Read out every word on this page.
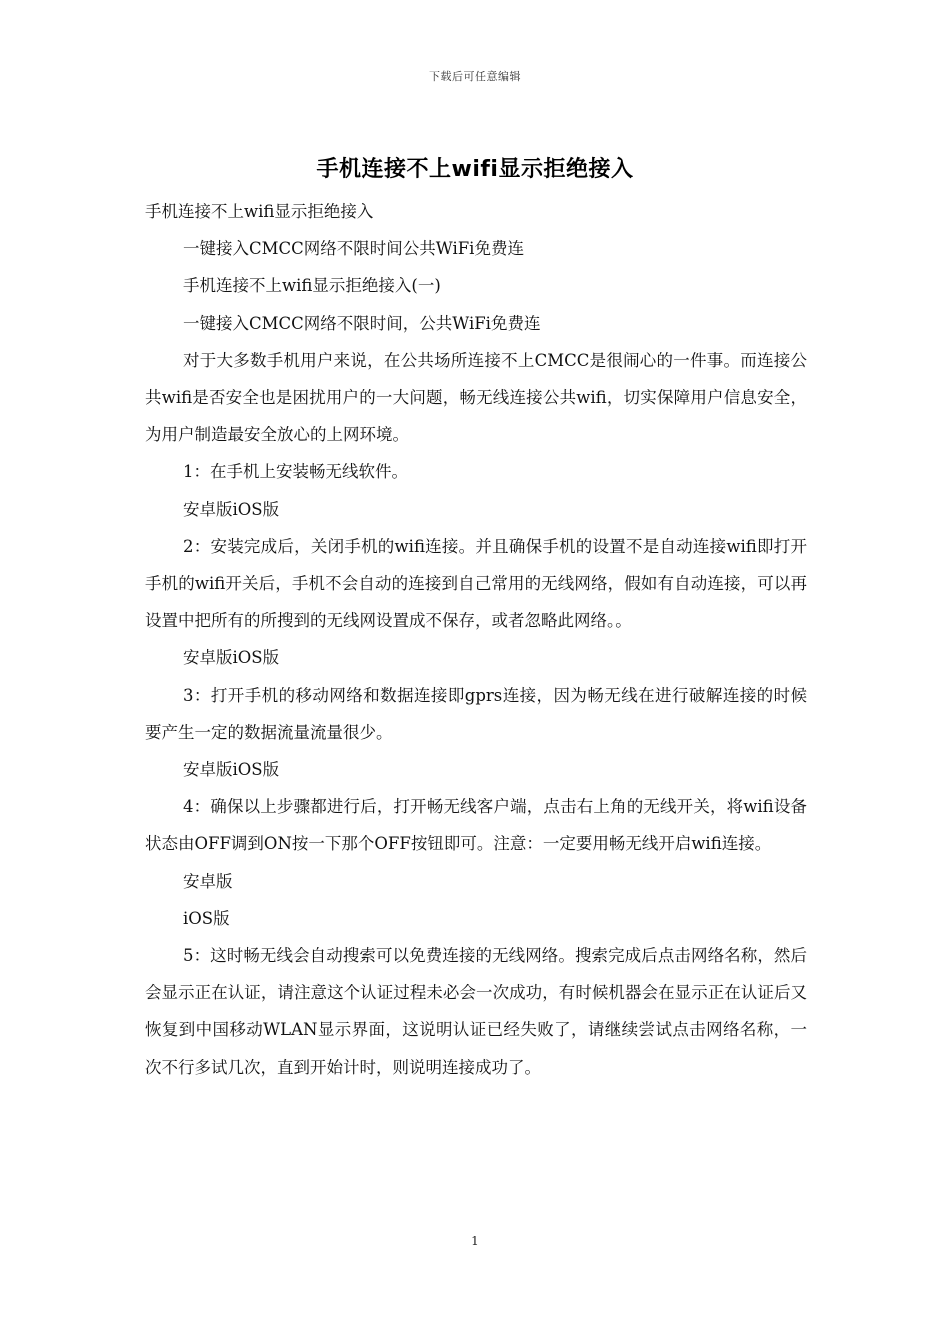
下载后可任意编辑
手机连接不上wifi显示拒绝接入

手机连接不上wifi显示拒绝接入

一键接入CMCC网络不限时间公共WiFi免费连

手机连接不上wifi显示拒绝接入(一)

一键接入CMCC网络不限时间，公共WiFi免费连

对于大多数手机用户来说，在公共场所连接不上CMCC是很闹心的一件事。而连接公共wifi是否安全也是困扰用户的一大问题，畅无线连接公共wifi，切实保障用户信息安全，为用户制造最安全放心的上网环境。

1：在手机上安装畅无线软件。

安卓版iOS版

2：安装完成后，关闭手机的wifi连接。并且确保手机的设置不是自动连接wifi即打开手机的wifi开关后，手机不会自动的连接到自己常用的无线网络，假如有自动连接，可以再设置中把所有的所搜到的无线网设置成不保存，或者忽略此网络。。

安卓版iOS版

3：打开手机的移动网络和数据连接即gprs连接，因为畅无线在进行破解连接的时候要产生一定的数据流量流量很少。

安卓版iOS版

4：确保以上步骤都进行后，打开畅无线客户端，点击右上角的无线开关，将wifi设备状态由OFF调到ON按一下那个OFF按钮即可。注意：一定要用畅无线开启wifi连接。

安卓版

iOS版

5：这时畅无线会自动搜索可以免费连接的无线网络。搜索完成后点击网络名称，然后会显示正在认证，请注意这个认证过程未必会一次成功，有时候机器会在显示正在认证后又恢复到中国移动WLAN显示界面，这说明认证已经失败了，请继续尝试点击网络名称，一次不行多试几次，直到开始计时，则说明连接成功了。

1
